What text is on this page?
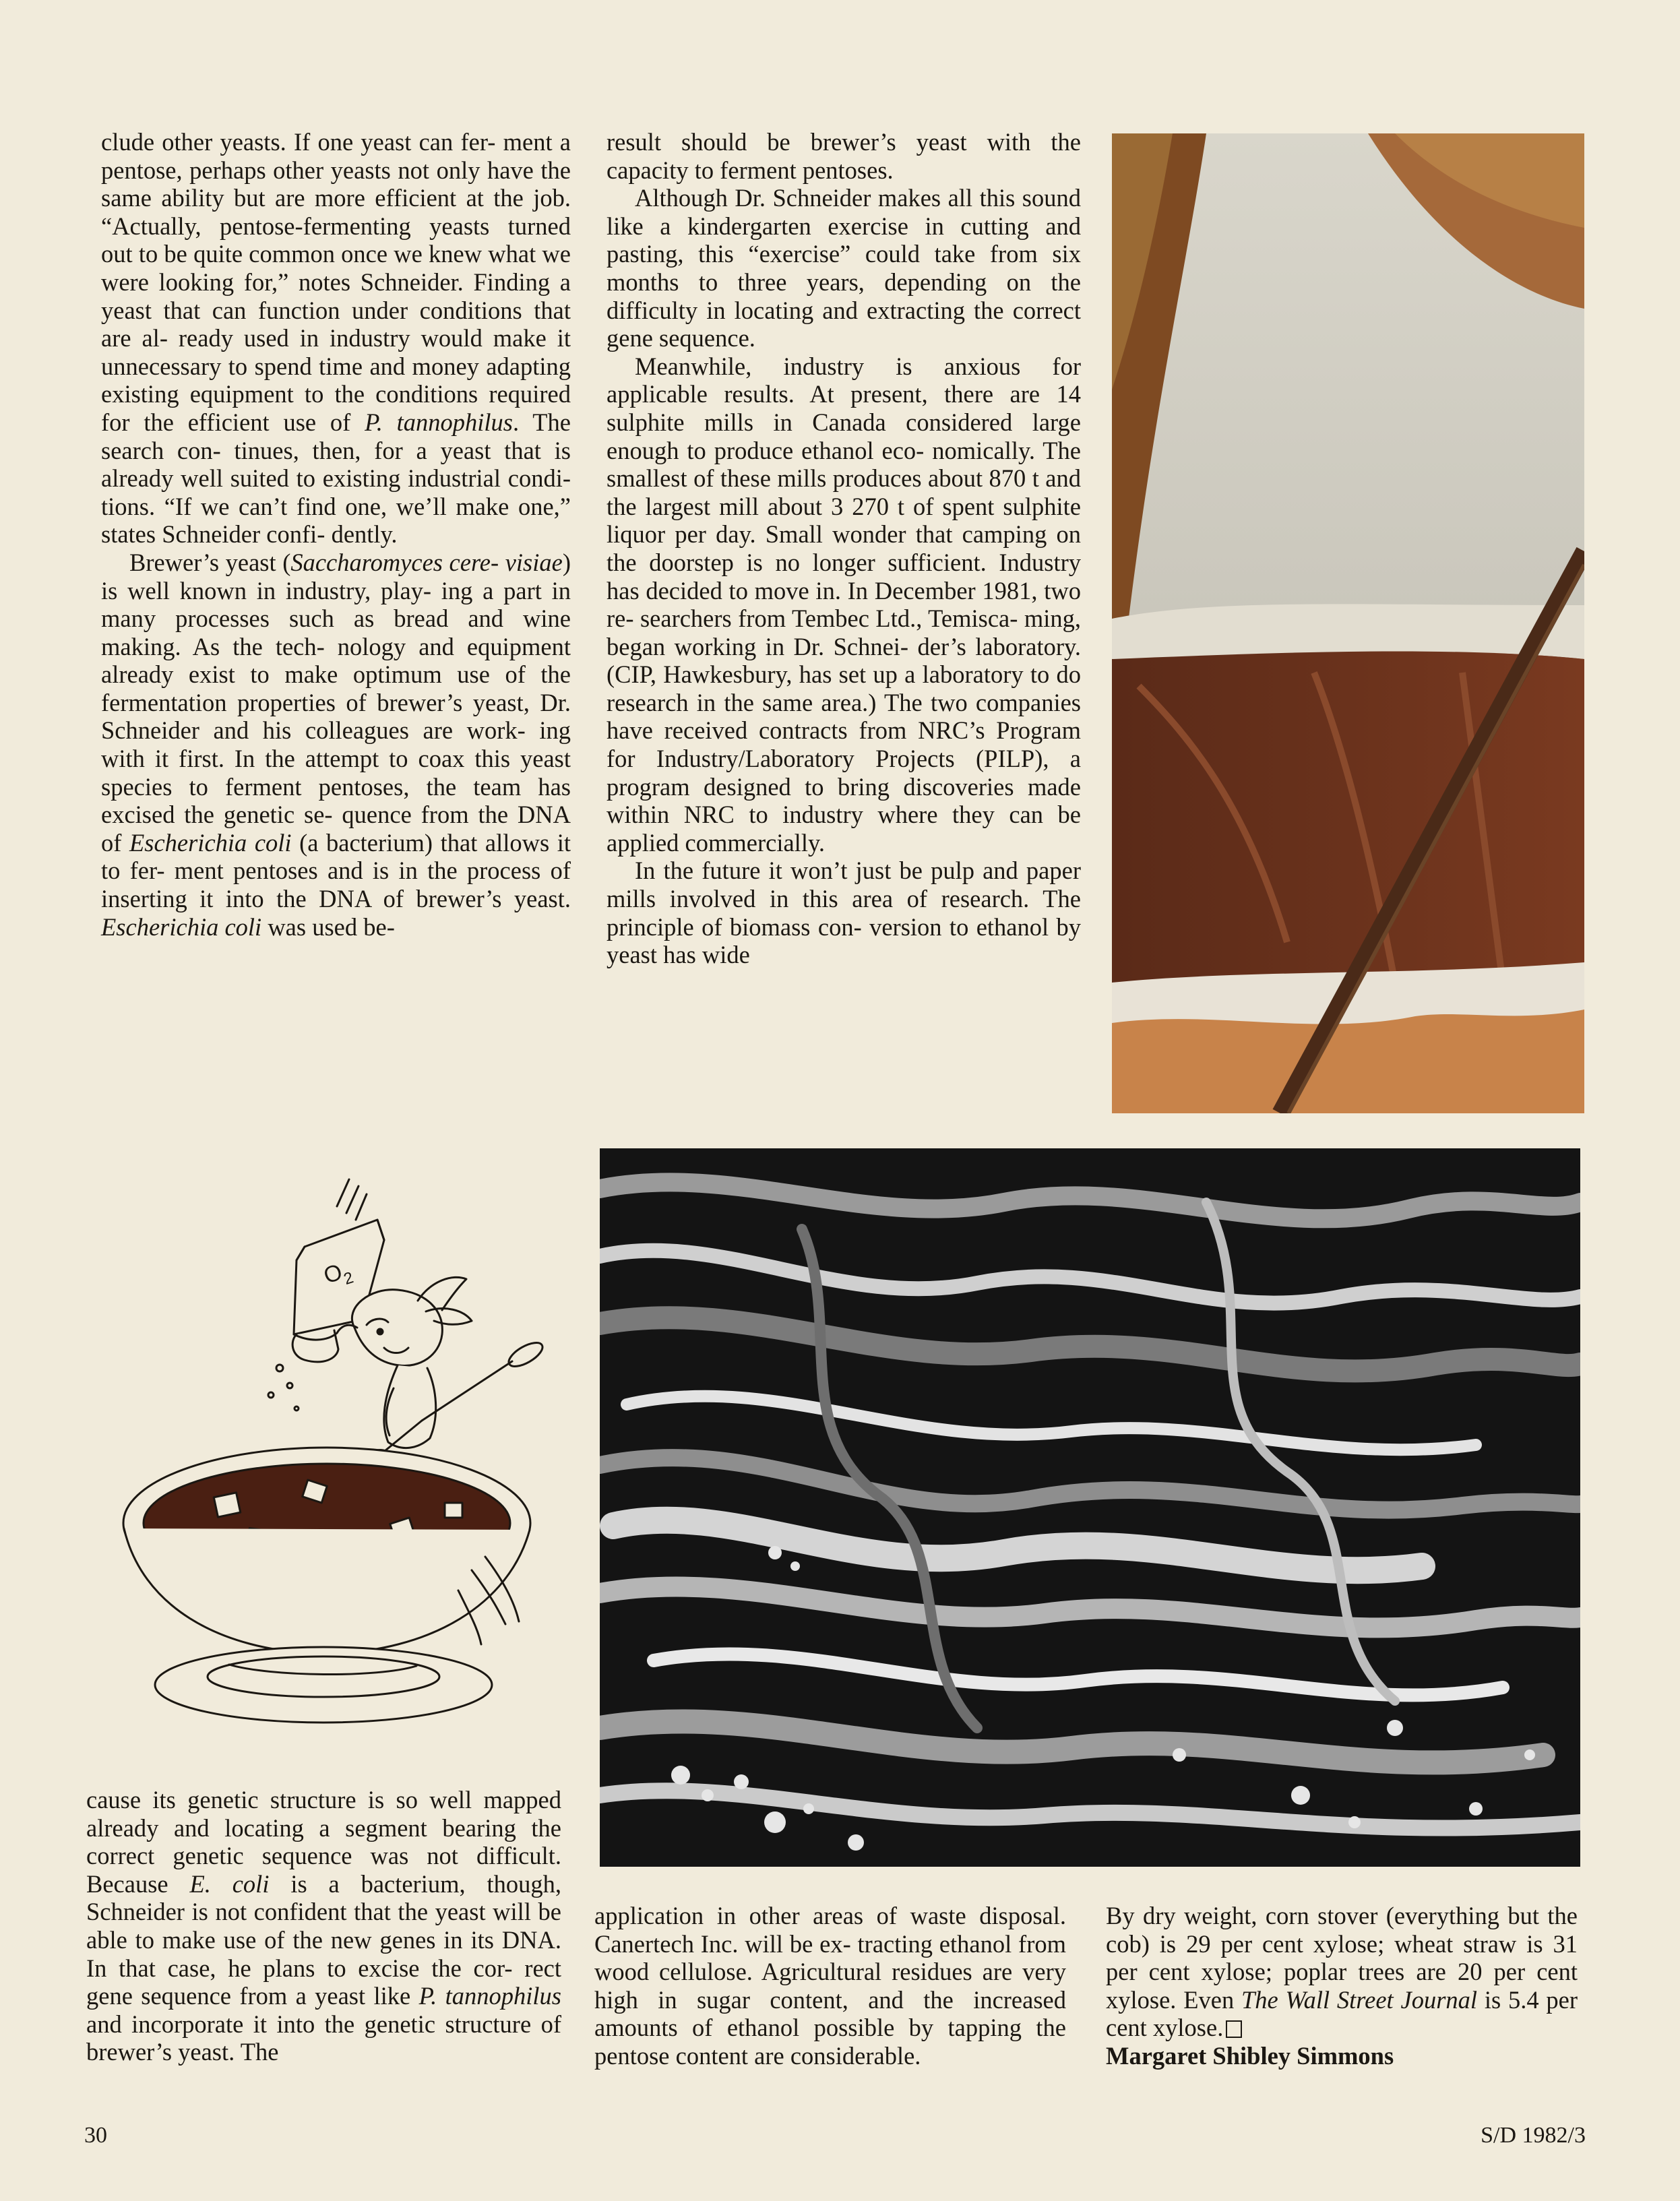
clude other yeasts. If one yeast can fer- ment a pentose, perhaps other yeasts not only have the same ability but are more efficient at the job. “Actually, pentose-fermenting yeasts turned out to be quite common once we knew what we were looking for,” notes Schneider. Finding a yeast that can function under conditions that are al- ready used in industry would make it unnecessary to spend time and money adapting existing equipment to the conditions required for the efficient use of P. tannophilus. The search con- tinues, then, for a yeast that is already well suited to existing industrial condi- tions. “If we can’t find one, we’ll make one,” states Schneider confi- dently.

Brewer’s yeast (Saccharomyces cere- visiae) is well known in industry, play- ing a part in many processes such as bread and wine making. As the tech- nology and equipment already exist to make optimum use of the fermentation properties of brewer’s yeast, Dr. Schneider and his colleagues are work- ing with it first. In the attempt to coax this yeast species to ferment pentoses, the team has excised the genetic se- quence from the DNA of Escherichia coli (a bacterium) that allows it to fer- ment pentoses and is in the process of inserting it into the DNA of brewer’s yeast. Escherichia coli was used be-

$O_2$

cause its genetic structure is so well mapped already and locating a segment bearing the correct genetic sequence was not difficult. Because E. coli is a bacterium, though, Schneider is not confident that the yeast will be able to make use of the new genes in its DNA. In that case, he plans to excise the cor- rect gene sequence from a yeast like P. tannophilus and incorporate it into the genetic structure of brewer’s yeast. The

result should be brewer’s yeast with the capacity to ferment pentoses.

Although Dr. Schneider makes all this sound like a kindergarten exercise in cutting and pasting, this “exercise” could take from six months to three years, depending on the difficulty in locating and extracting the correct gene sequence.

Meanwhile, industry is anxious for applicable results. At present, there are 14 sulphite mills in Canada considered large enough to produce ethanol eco- nomically. The smallest of these mills produces about 870 t and the largest mill about 3 270 t of spent sulphite liquor per day. Small wonder that camping on the doorstep is no longer sufficient. Industry has decided to move in. In December 1981, two re- searchers from Tembec Ltd., Temisca- ming, began working in Dr. Schnei- der’s laboratory. (CIP, Hawkesbury, has set up a laboratory to do research in the same area.) The two companies have received contracts from NRC’s Program for Industry/Laboratory Projects (PILP), a program designed to bring discoveries made within NRC to industry where they can be applied commercially.

In the future it won’t just be pulp and paper mills involved in this area of research. The principle of biomass con- version to ethanol by yeast has wide

application in other areas of waste disposal. Canertech Inc. will be ex- tracting ethanol from wood cellulose. Agricultural residues are very high in sugar content, and the increased amounts of ethanol possible by tapping the pentose content are considerable.

By dry weight, corn stover (everything but the cob) is 29 per cent xylose; wheat straw is 31 per cent xylose; poplar trees are 20 per cent xylose. Even The Wall Street Journal is 5.4 per cent xylose.

Margaret Shibley Simmons

30	S/D 1982/3
